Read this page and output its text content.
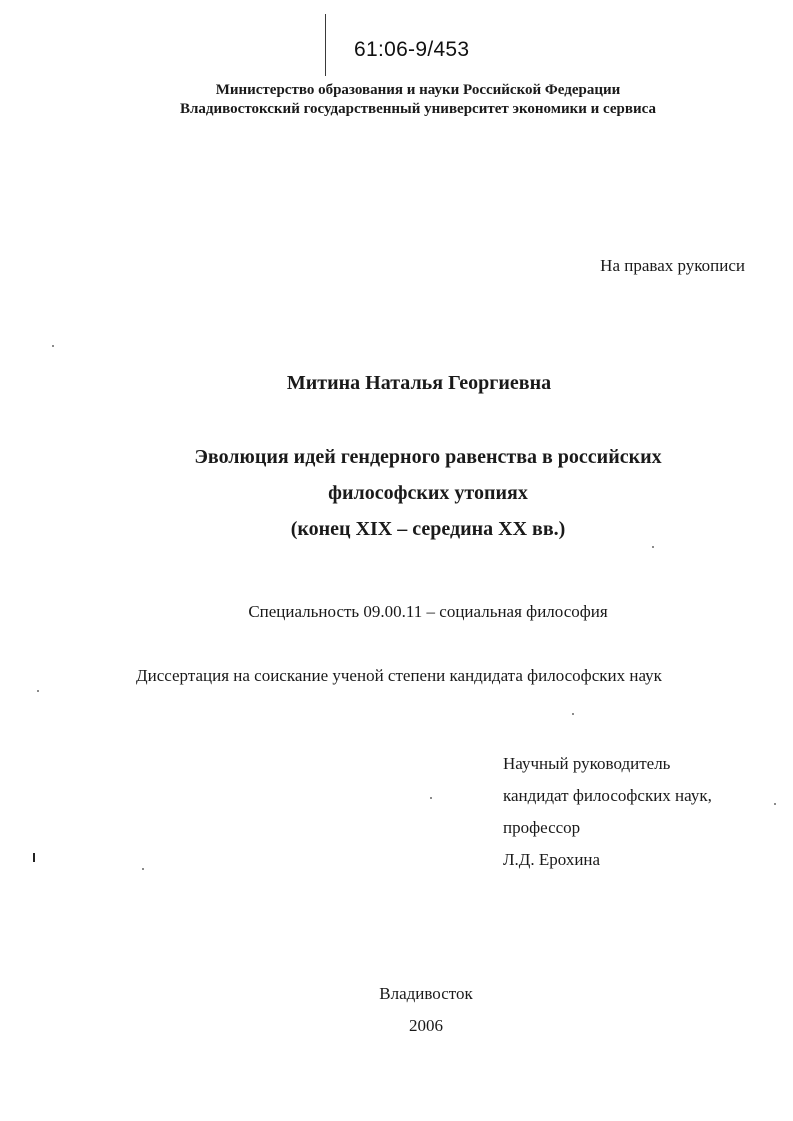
61:06-9/453
Министерство образования и науки Российской Федерации
Владивостокский государственный университет экономики и сервиса
На правах рукописи
Митина Наталья Георгиевна
Эволюция идей гендерного равенства в российских
философских утопиях
(конец XIX – середина XX вв.)
Специальность 09.00.11 – социальная философия
Диссертация на соискание ученой степени кандидата философских наук
Научный руководитель
кандидат философских наук,
профессор
Л.Д. Ерохина
Владивосток
2006
